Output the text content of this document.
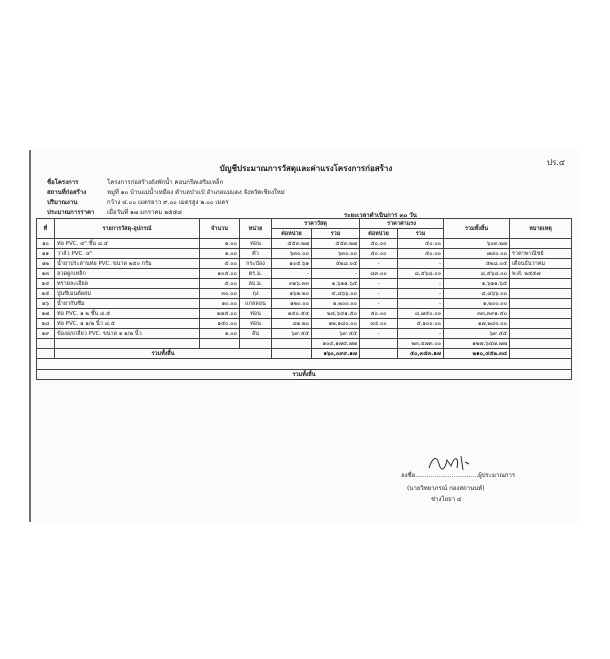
ปร.๔
บัญชีประมาณการวัสดุและค่าแรงโครงการก่อสร้าง
ชื่อโครงการ	โครงการก่อสร้างถังพักน้ำ คอนกรีตเสริมเหล็ก
สถานที่ก่อสร้าง	หมู่ที่ ๑๐ บ้านแม่น้ำเหมือง ตำบลป่าแป๋ อำเภอแม่แตง จังหวัดเชียงใหม่
ปริมาณงาน	กว้าง ๔.๐๐ เมตรยาว ๙.๐๐ เมตรสูง ๒.๐๐ เมตร
ประมาณการราคา เมื่อวันที่ ๑๗ มกราคม ๒๕๕๘	ระยะเวลาดำเนินการ ๓๐ วัน
ที่	รายการวัสดุ-อุปกรณ์	จำนวน	หน่วย	ราคาวัสดุ		ราคาค่าแรง		รวมทั้งสิ้น	หมายเหตุ
				ต่อหน่วย	รวม	ต่อหน่วย	รวม		
๑๐	ท่อ PVC. ๔" ชั้น ๘.๕	๑.๐๐	ท่อน	๕๕๓.๒๗	๕๕๓.๒๗	๕๐.๐๐	๕๐.๐๐	๖๐๓.๒๗	
๑๑	วาล์ว PVC. ๔"	๑.๐๐	ตัว	๖๓๐.๐๐	๖๓๐.๐๐	๕๐.๐๐	๕๐.๐๐	๗๘๐.๐๐	ราคาพาณิชย์
๑๒	น้ำยาประสานท่อ PVC. ขนาด ๒๕๐ กรัม	๕.๐๐	กระป๋อง	๑๐๕.๖๑	๕๒๘.๐๕	-	-	๕๒๘.๐๕	เดือนธันวาคม
๑๓	ลวดผูกเหล็ก	๑๐๕.๐๐	ตร.ม.	-	-	๘๓.๐๐	๘,๕๖๘.๐๐	๘,๕๖๘.๐๐	พ.ศ. ๒๕๕๗
๑๔	ทรายละเอียด	๕.๐๐	ลบ.ม.	๓๑๖.๓๓	๑,๖๑๑.๖๕	-	-	๑,๖๑๑.๖๕	
๑๕	ปูนซีเมนต์ผสม	๓๐.๐๐	ถุง	๑๖๒.๒๐	๔,๘๖๖.๐๐	-	-	๔,๘๖๖.๐๐	
๑๖	น้ำยากันซึม	๑๐.๐๐	แกลลอน	๑๒๐.๐๐	๑,๒๐๐.๐๐	-	-	๑,๒๐๐.๐๐	
๑๗	ท่อ PVC. ๑ ๒ ชั้น ๘.๕	๑๗๕.๐๐	ท่อน	๑๔๐.๕๔	๒๔,๖๔๑.๕๐	๕๐.๐๐	๘,๗๕๐.๐๐	๓๓,๓๙๑.๕๐	
๑๘	ท่อ PVC. ๑ ๑/๒ นิ้ว ๘.๕	๑๕๐.๐๐	ท่อน	๘๑.๒๐	๑๒,๑๘๐.๐๐	๓๔.๐๐	๕,๑๐๐.๐๐	๑๗,๒๘๐.๐๐	
๑๙	ข้องอ/เกลียว PVC. ขนาด ๑ ๑/๒ นิ้ว	๑.๐๐	อัน	๖๙.๕๕	๖๙.๕๕	-	-	๖๙.๕๕	
					๑๐๔,๑๗๔.๗๗		๒๓,๔๗๓.๐๐	๑๒๗,๖๔๗.๗๗	
	รวมทั้งสิ้น				๑๖๐,๐๙๙.๑๗		๕๐,๓๕๓.๑๗	๒๑๐,๔๕๒.๓๔	

รวมทั้งสิ้น									
ลงชื่อ.................................ผู้ประมาณการ
(นายวิทยาภรณ์ กองสถานนท์)
ช่างโยธา ๔
